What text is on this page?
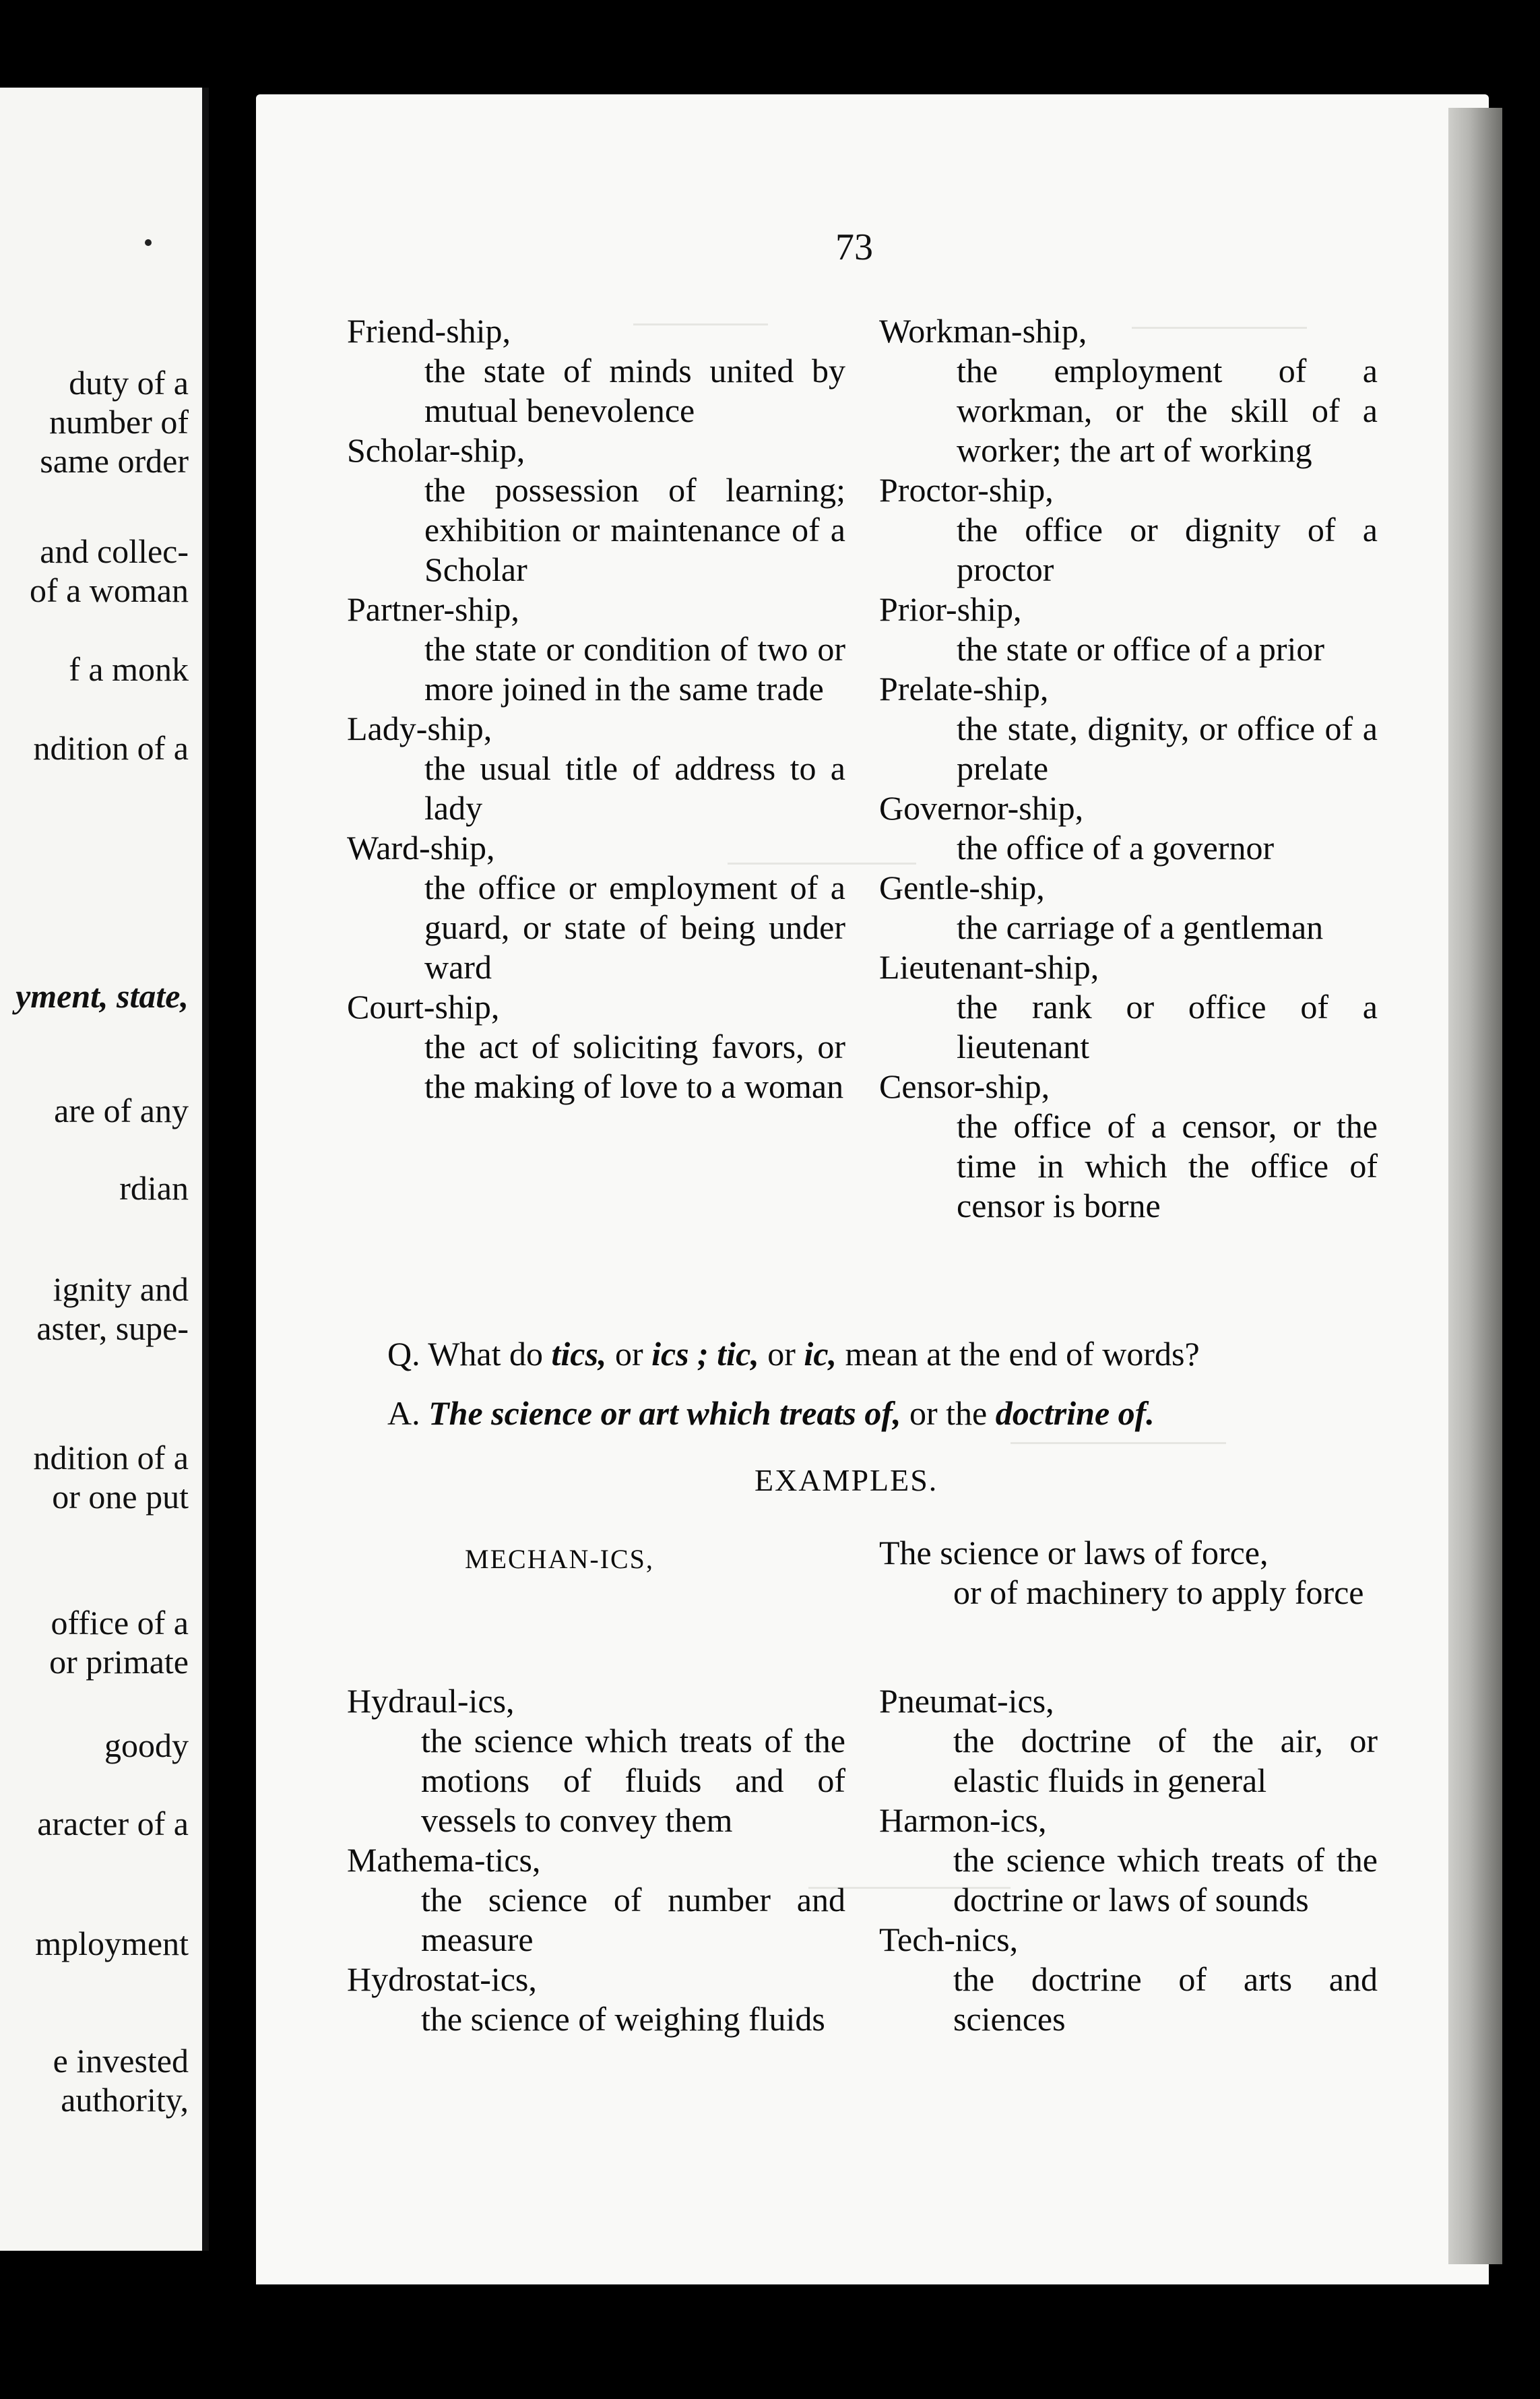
duty of a
number of
same order
and collec-
of a woman
f a monk
ndition of a
yment, state,
are of any
rdian
ignity and
aster, supe-
ndition of a
or one put
office of a
or primate
goody
aracter of a
mployment
e invested
authority,
73
Friend-ship,
the state of minds united by mutual benevolence
Scholar-ship,
the possession of learning; exhibition or maintenance of a Scholar
Partner-ship,
the state or condition of two or more joined in the same trade
Lady-ship,
the usual title of address to a lady
Ward-ship,
the office or employment of a guard, or state of being under ward
Court-ship,
the act of soliciting favors, or the making of love to a woman
Workman-ship,
the employment of a workman, or the skill of a worker; the art of working
Proctor-ship,
the office or dignity of a proctor
Prior-ship,
the state or office of a prior
Prelate-ship,
the state, dignity, or office of a prelate
Governor-ship,
the office of a governor
Gentle-ship,
the carriage of a gentleman
Lieutenant-ship,
the rank or office of a lieutenant
Censor-ship,
the office of a censor, or the time in which the office of censor is borne
Q. What do tics, or ics ; tic, or ic, mean at the end of words?
A. The science or art which treats of, or the doctrine of.
EXAMPLES.
MECHAN-ICS,	The science or laws of force,
or of machinery to apply force
Hydraul-ics,
the science which treats of the motions of fluids and of vessels to convey them
Mathema-tics,
the science of number and measure
Hydrostat-ics,
the science of weighing fluids
Pneumat-ics,
the doctrine of the air, or elastic fluids in general
Harmon-ics,
the science which treats of the doctrine or laws of sounds
Tech-nics,
the doctrine of arts and sciences
